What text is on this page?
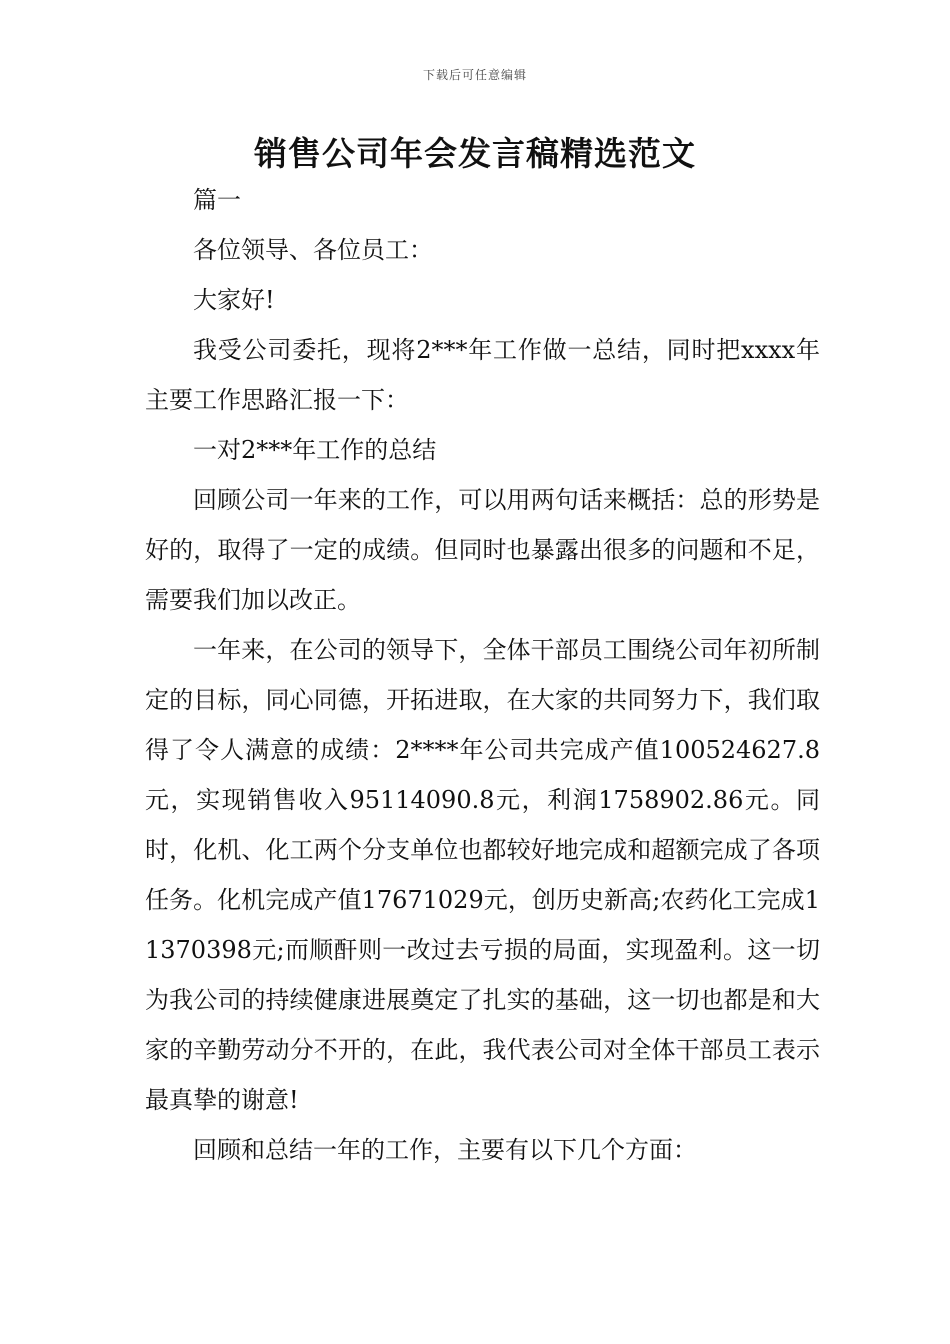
下载后可任意编辑
销售公司年会发言稿精选范文

篇一

各位领导、各位员工：

大家好!

我受公司委托，现将2***年工作做一总结，同时把xxxx年主要工作思路汇报一下：

一对2***年工作的总结

回顾公司一年来的工作，可以用两句话来概括：总的形势是好的，取得了一定的成绩。但同时也暴露出很多的问题和不足，需要我们加以改正。

一年来，在公司的领导下，全体干部员工围绕公司年初所制定的目标，同心同德，开拓进取，在大家的共同努力下，我们取得了令人满意的成绩：2****年公司共完成产值100524627.8元，实现销售收入95114090.8元，利润1758902.86元。同时，化机、化工两个分支单位也都较好地完成和超额完成了各项任务。化机完成产值17671029元，创历史新高;农药化工完成11370398元;而顺酐则一改过去亏损的局面，实现盈利。这一切为我公司的持续健康进展奠定了扎实的基础，这一切也都是和大家的辛勤劳动分不开的，在此，我代表公司对全体干部员工表示最真挚的谢意!

回顾和总结一年的工作，主要有以下几个方面：
